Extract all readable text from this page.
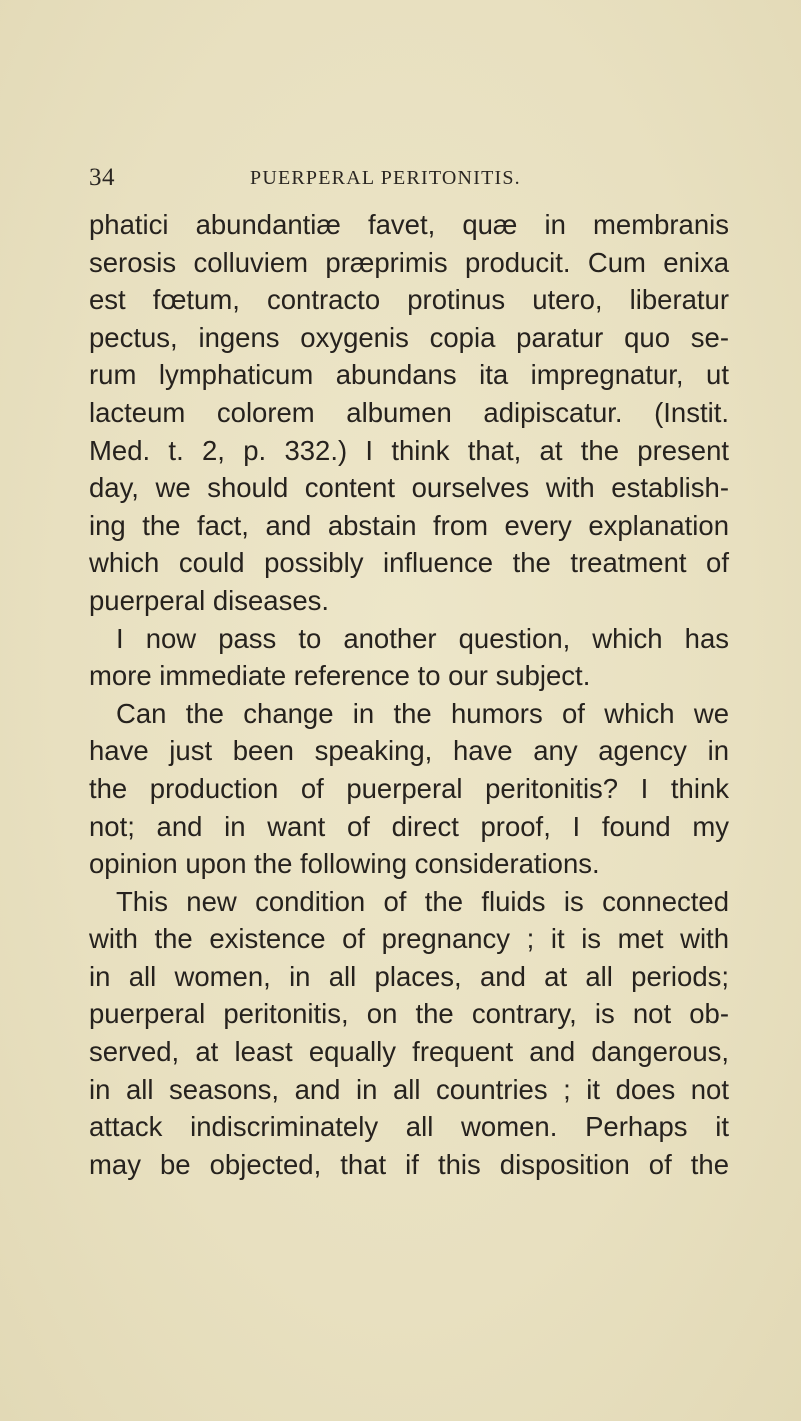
34	PUERPERAL PERITONITIS.
phatici abundantiæ favet, quæ in membranis
serosis colluviem præprimis producit. Cum enixa
est fœtum, contracto protinus utero, liberatur
pectus, ingens oxygenis copia paratur quo se-
rum lymphaticum abundans ita impregnatur, ut
lacteum colorem albumen adipiscatur. (Instit.
Med. t. 2, p. 332.) I think that, at the present
day, we should content ourselves with establish-
ing the fact, and abstain from every explanation
which could possibly influence the treatment of
puerperal diseases.
I now pass to another question, which has
more immediate reference to our subject.
Can the change in the humors of which we
have just been speaking, have any agency in
the production of puerperal peritonitis? I think
not; and in want of direct proof, I found my
opinion upon the following considerations.
This new condition of the fluids is connected
with the existence of pregnancy ; it is met with
in all women, in all places, and at all periods;
puerperal peritonitis, on the contrary, is not ob-
served, at least equally frequent and dangerous,
in all seasons, and in all countries ; it does not
attack indiscriminately all women. Perhaps it
may be objected, that if this disposition of the
